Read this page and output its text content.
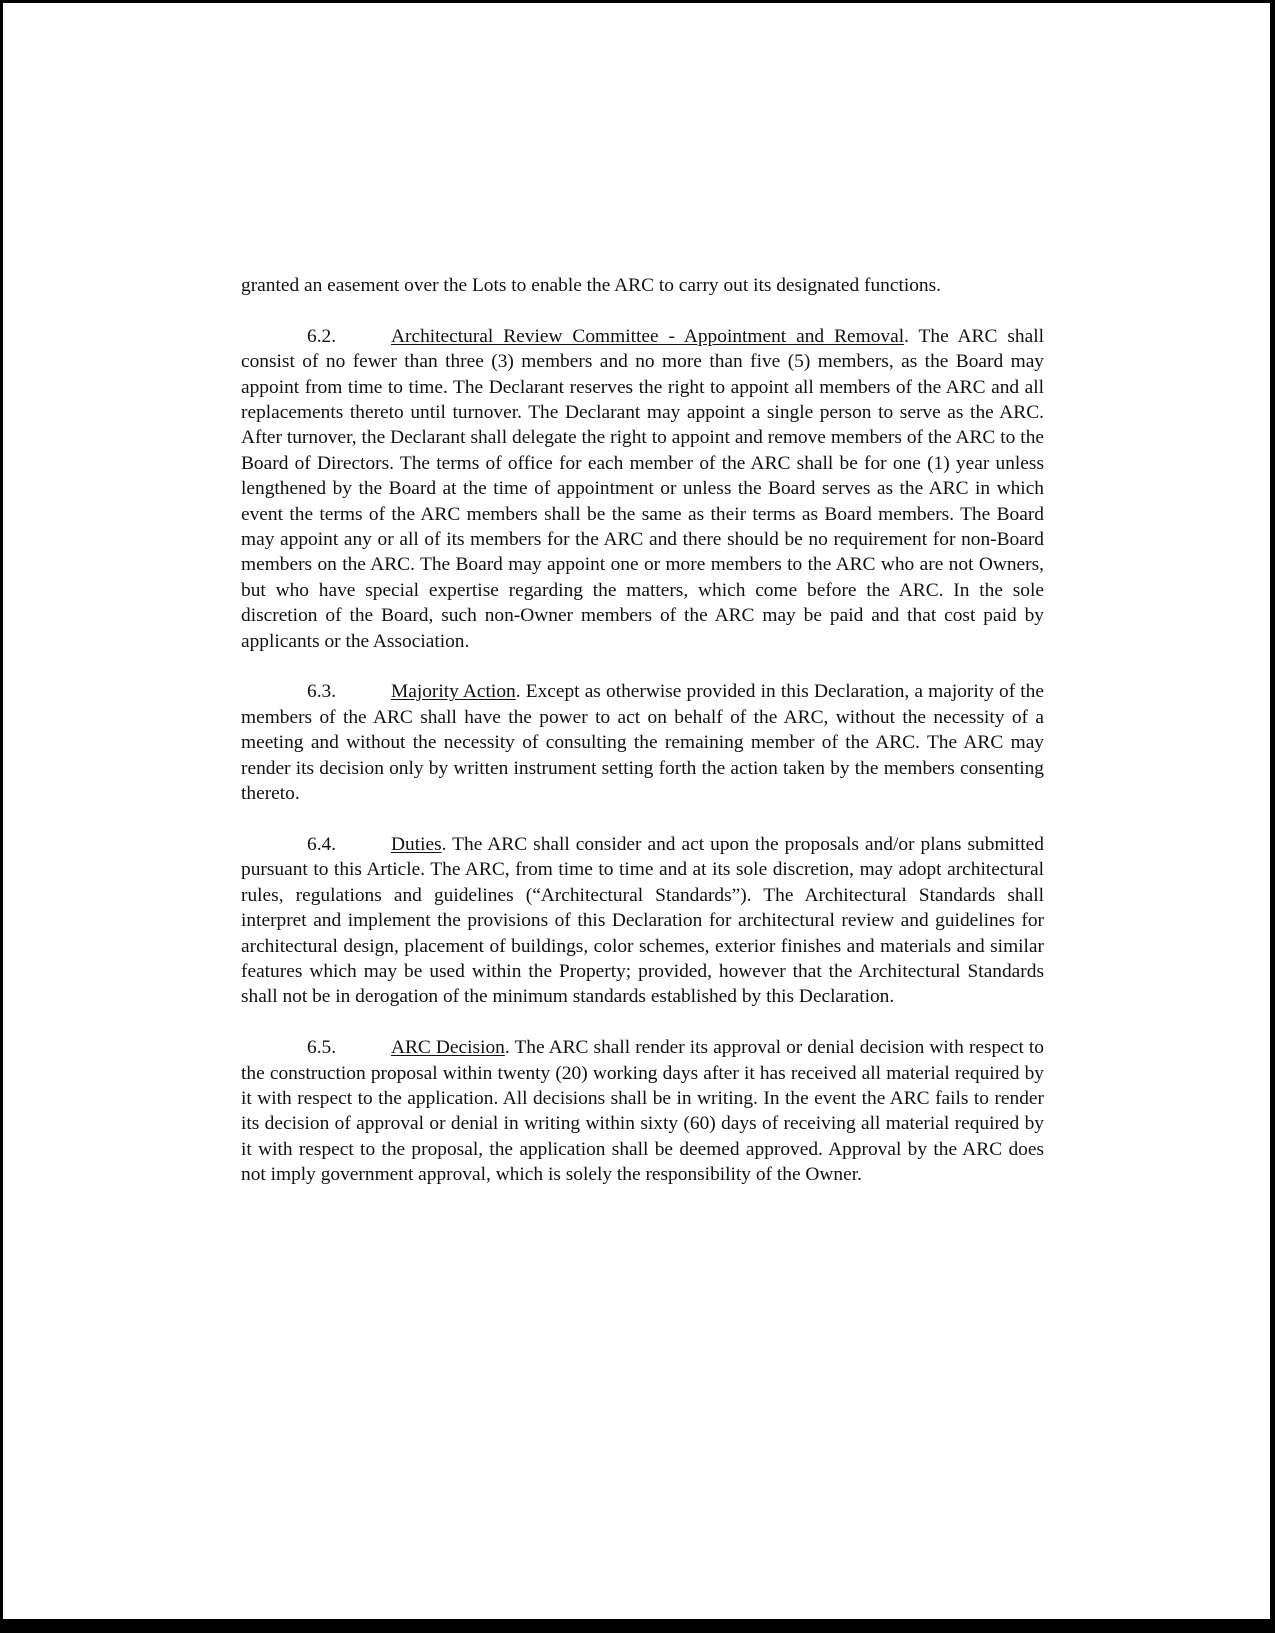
granted an easement over the Lots to enable the ARC to carry out its designated functions.

6.2.	Architectural Review Committee - Appointment and Removal. The ARC shall consist of no fewer than three (3) members and no more than five (5) members, as the Board may appoint from time to time. The Declarant reserves the right to appoint all members of the ARC and all replacements thereto until turnover. The Declarant may appoint a single person to serve as the ARC. After turnover, the Declarant shall delegate the right to appoint and remove members of the ARC to the Board of Directors. The terms of office for each member of the ARC shall be for one (1) year unless lengthened by the Board at the time of appointment or unless the Board serves as the ARC in which event the terms of the ARC members shall be the same as their terms as Board members. The Board may appoint any or all of its members for the ARC and there should be no requirement for non-Board members on the ARC. The Board may appoint one or more members to the ARC who are not Owners, but who have special expertise regarding the matters, which come before the ARC. In the sole discretion of the Board, such non-Owner members of the ARC may be paid and that cost paid by applicants or the Association.

6.3.	Majority Action. Except as otherwise provided in this Declaration, a majority of the members of the ARC shall have the power to act on behalf of the ARC, without the necessity of a meeting and without the necessity of consulting the remaining member of the ARC. The ARC may render its decision only by written instrument setting forth the action taken by the members consenting thereto.

6.4.	Duties. The ARC shall consider and act upon the proposals and/or plans submitted pursuant to this Article. The ARC, from time to time and at its sole discretion, may adopt architectural rules, regulations and guidelines (“Architectural Standards”). The Architectural Standards shall interpret and implement the provisions of this Declaration for architectural review and guidelines for architectural design, placement of buildings, color schemes, exterior finishes and materials and similar features which may be used within the Property; provided, however that the Architectural Standards shall not be in derogation of the minimum standards established by this Declaration.

6.5.	ARC Decision. The ARC shall render its approval or denial decision with respect to the construction proposal within twenty (20) working days after it has received all material required by it with respect to the application. All decisions shall be in writing. In the event the ARC fails to render its decision of approval or denial in writing within sixty (60) days of receiving all material required by it with respect to the proposal, the application shall be deemed approved. Approval by the ARC does not imply government approval, which is solely the responsibility of the Owner.
